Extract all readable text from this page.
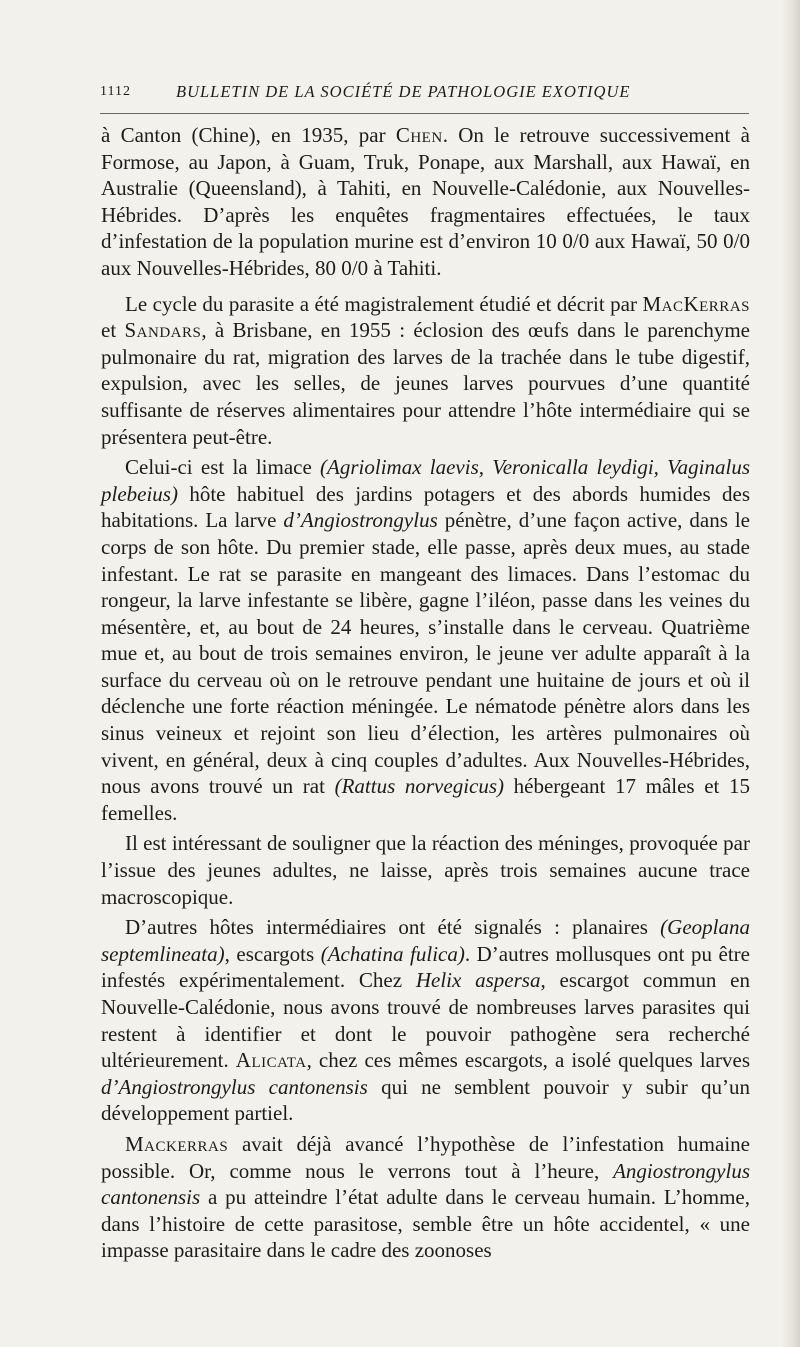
1112	BULLETIN DE LA SOCIÉTÉ DE PATHOLOGIE EXOTIQUE

à Canton (Chine), en 1935, par Chen. On le retrouve successivement à Formose, au Japon, à Guam, Truk, Ponape, aux Marshall, aux Hawaï, en Australie (Queensland), à Tahiti, en Nouvelle-Calédonie, aux Nouvelles-Hébrides. D’après les enquêtes fragmentaires effectuées, le taux d’infestation de la population murine est d’environ 10 0/0 aux Hawaï, 50 0/0 aux Nouvelles-Hébrides, 80 0/0 à Tahiti.

Le cycle du parasite a été magistralement étudié et décrit par MacKerras et Sandars, à Brisbane, en 1955 : éclosion des œufs dans le parenchyme pulmonaire du rat, migration des larves de la trachée dans le tube digestif, expulsion, avec les selles, de jeunes larves pourvues d’une quantité suffisante de réserves alimentaires pour attendre l’hôte intermédiaire qui se présentera peut-être.

Celui-ci est la limace (Agriolimax laevis, Veronicalla leydigi, Vaginalus plebeius) hôte habituel des jardins potagers et des abords humides des habitations. La larve d’Angiostrongylus pénètre, d’une façon active, dans le corps de son hôte. Du premier stade, elle passe, après deux mues, au stade infestant. Le rat se parasite en mangeant des limaces. Dans l’estomac du rongeur, la larve infestante se libère, gagne l’iléon, passe dans les veines du mésentère, et, au bout de 24 heures, s’installe dans le cerveau. Quatrième mue et, au bout de trois semaines environ, le jeune ver adulte apparaît à la surface du cerveau où on le retrouve pendant une huitaine de jours et où il déclenche une forte réaction méningée. Le nématode pénètre alors dans les sinus veineux et rejoint son lieu d’élection, les artères pulmonaires où vivent, en général, deux à cinq couples d’adultes. Aux Nouvelles-Hébrides, nous avons trouvé un rat (Rattus norvegicus) hébergeant 17 mâles et 15 femelles.

Il est intéressant de souligner que la réaction des méninges, provoquée par l’issue des jeunes adultes, ne laisse, après trois semaines aucune trace macroscopique.

D’autres hôtes intermédiaires ont été signalés : planaires (Geoplana septemlineata), escargots (Achatina fulica). D’autres mollusques ont pu être infestés expérimentalement. Chez Helix aspersa, escargot commun en Nouvelle-Calédonie, nous avons trouvé de nombreuses larves parasites qui restent à identifier et dont le pouvoir pathogène sera recherché ultérieurement. Alicata, chez ces mêmes escargots, a isolé quelques larves d’Angiostrongylus cantonensis qui ne semblent pouvoir y subir qu’un développement partiel.

Mackerras avait déjà avancé l’hypothèse de l’infestation humaine possible. Or, comme nous le verrons tout à l’heure, Angiostrongylus cantonensis a pu atteindre l’état adulte dans le cerveau humain. L’homme, dans l’histoire de cette parasitose, semble être un hôte accidentel, « une impasse parasitaire dans le cadre des zoonoses
